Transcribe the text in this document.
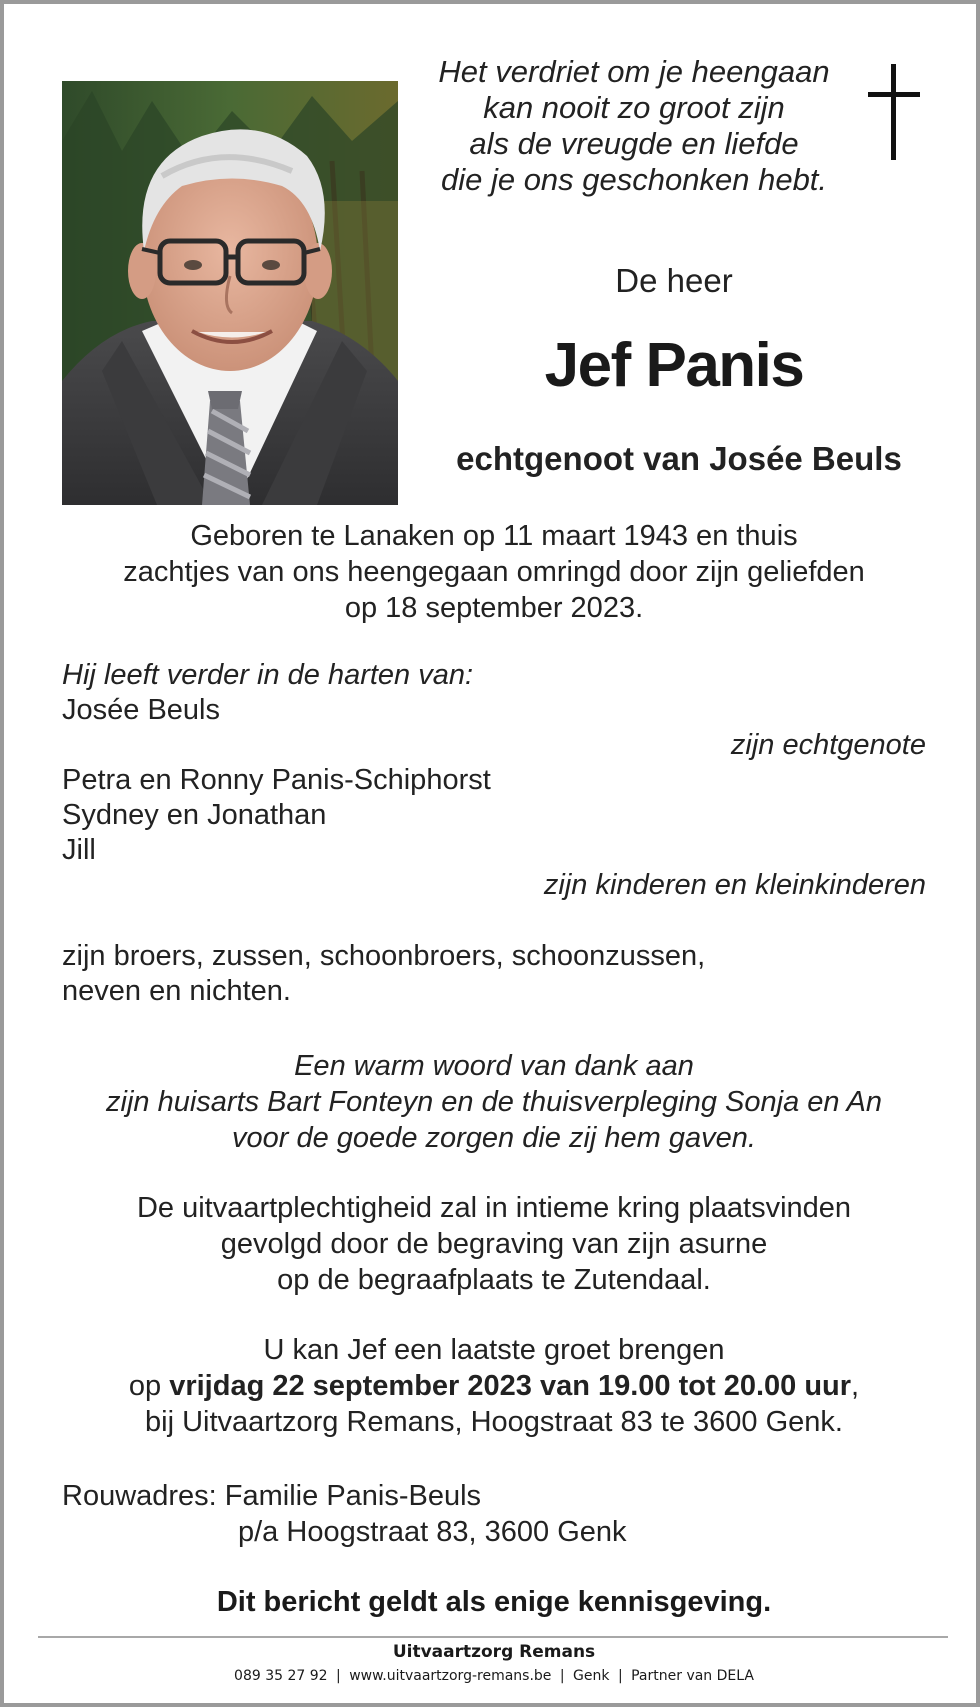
Het verdriet om je heengaan
kan nooit zo groot zijn
als de vreugde en liefde
die je ons geschonken hebt.
De heer
Jef Panis
echtgenoot van Josée Beuls
Geboren te Lanaken op 11 maart 1943 en thuis
zachtjes van ons heengegaan omringd door zijn geliefden
op 18 september 2023.
Hij leeft verder in de harten van:
Josée Beuls
zijn echtgenote
Petra en Ronny Panis-Schiphorst
Sydney en Jonathan
Jill
zijn kinderen en kleinkinderen
zijn broers, zussen, schoonbroers, schoonzussen,
neven en nichten.
Een warm woord van dank aan
zijn huisarts Bart Fonteyn en de thuisverpleging Sonja en An
voor de goede zorgen die zij hem gaven.
De uitvaartplechtigheid zal in intieme kring plaatsvinden
gevolgd door de begraving van zijn asurne
op de begraafplaats te Zutendaal.
U kan Jef een laatste groet brengen
op vrijdag 22 september 2023 van 19.00 tot 20.00 uur,
bij Uitvaartzorg Remans, Hoogstraat 83 te 3600 Genk.
Rouwadres: Familie Panis-Beuls
p/a Hoogstraat 83, 3600 Genk
Dit bericht geldt als enige kennisgeving.
Uitvaartzorg Remans
089 35 27 92 | www.uitvaartzorg-remans.be | Genk | Partner van DELA
